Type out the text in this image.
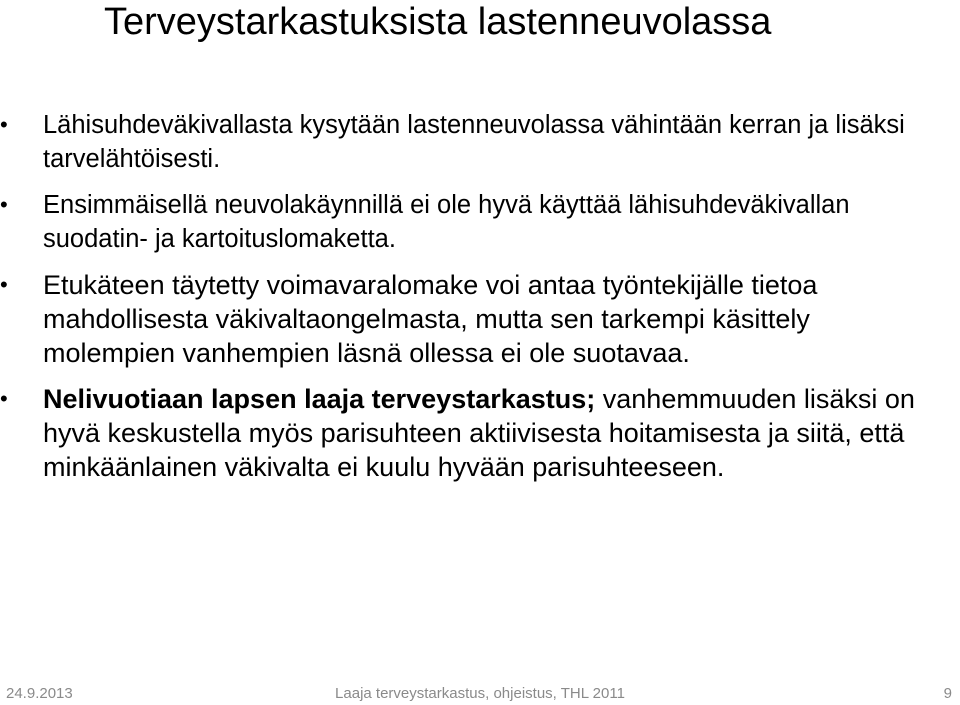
Terveystarkastuksista lastenneuvolassa
•	Lähisuhdeväkivallasta kysytään lastenneuvolassa vähintään kerran ja lisäksi tarvelähtöisesti.
•	Ensimmäisellä neuvolakäynnillä ei ole hyvä käyttää lähisuhdeväkivallan suodatin- ja kartoituslomaketta.
•	Etukäteen täytetty voimavaralomake voi antaa työntekijälle tietoa mahdollisesta väkivaltaongelmasta, mutta sen tarkempi käsittely molempien vanhempien läsnä ollessa ei ole suotavaa.
•	Nelivuotiaan lapsen laaja terveystarkastus; vanhemmuuden lisäksi on hyvä keskustella myös parisuhteen aktiivisesta hoitamisesta ja siitä, että minkäänlainen väkivalta ei kuulu hyvään parisuhteeseen.
24.9.2013	Laaja terveystarkastus, ohjeistus, THL 2011	9
